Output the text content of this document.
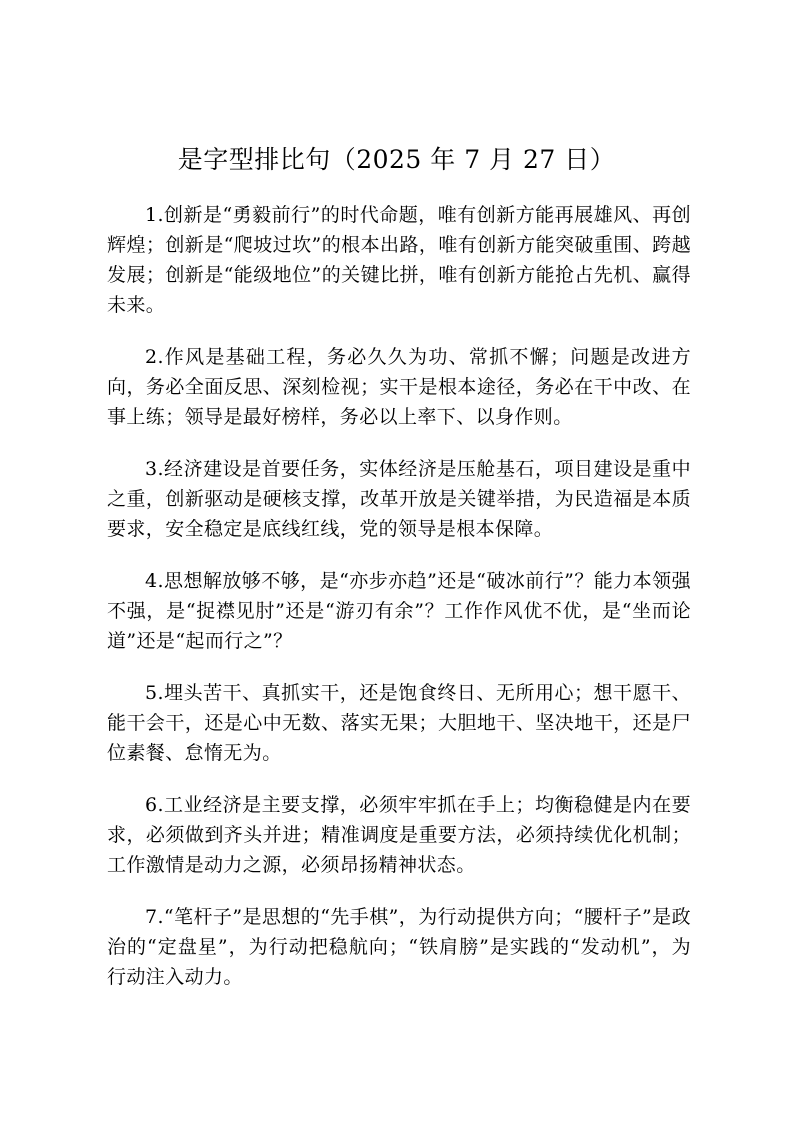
是字型排比句（2025 年 7 月 27 日）

1.创新是“勇毅前行”的时代命题，唯有创新方能再展雄风、再创辉煌；创新是“爬坡过坎”的根本出路，唯有创新方能突破重围、跨越发展；创新是“能级地位”的关键比拼，唯有创新方能抢占先机、赢得未来。

2.作风是基础工程，务必久久为功、常抓不懈；问题是改进方向，务必全面反思、深刻检视；实干是根本途径，务必在干中改、在事上练；领导是最好榜样，务必以上率下、以身作则。

3.经济建设是首要任务，实体经济是压舱基石，项目建设是重中之重，创新驱动是硬核支撑，改革开放是关键举措，为民造福是本质要求，安全稳定是底线红线，党的领导是根本保障。

4.思想解放够不够，是“亦步亦趋”还是“破冰前行”？能力本领强不强，是“捉襟见肘”还是“游刃有余”？工作作风优不优，是“坐而论道”还是“起而行之”？

5.埋头苦干、真抓实干，还是饱食终日、无所用心；想干愿干、能干会干，还是心中无数、落实无果；大胆地干、坚决地干，还是尸位素餐、怠惰无为。

6.工业经济是主要支撑，必须牢牢抓在手上；均衡稳健是内在要求，必须做到齐头并进；精准调度是重要方法，必须持续优化机制；工作激情是动力之源，必须昂扬精神状态。

7.“笔杆子”是思想的“先手棋”，为行动提供方向；“腰杆子”是政治的“定盘星”，为行动把稳航向；“铁肩膀”是实践的“发动机”，为行动注入动力。
